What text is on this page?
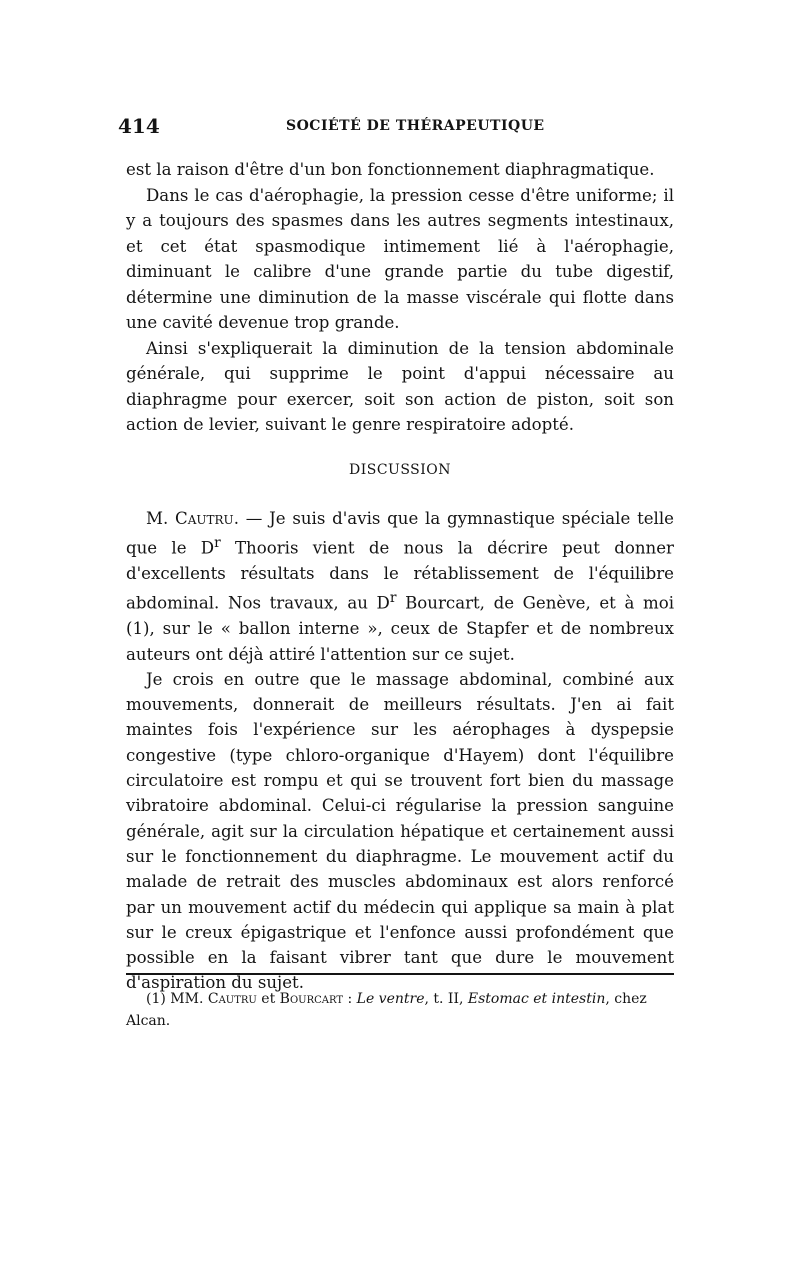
414	SOCIÉTÉ DE THÉRAPEUTIQUE

est la raison d'être d'un bon fonctionnement diaphragmatique.

Dans le cas d'aérophagie, la pression cesse d'être uniforme; il y a toujours des spasmes dans les autres segments intestinaux, et cet état spasmodique intimement lié à l'aérophagie, diminuant le calibre d'une grande partie du tube digestif, détermine une diminution de la masse viscérale qui flotte dans une cavité devenue trop grande.

Ainsi s'expliquerait la diminution de la tension abdominale générale, qui supprime le point d'appui nécessaire au diaphragme pour exercer, soit son action de piston, soit son action de levier, suivant le genre respiratoire adopté.

DISCUSSION

M. Cautru. — Je suis d'avis que la gymnastique spéciale telle que le $D^r$ Thooris vient de nous la décrire peut donner d'excellents résultats dans le rétablissement de l'équilibre abdominal. Nos travaux, au $D^r$ Bourcart, de Genève, et à moi (1), sur le « ballon interne », ceux de Stapfer et de nombreux auteurs ont déjà attiré l'attention sur ce sujet.

Je crois en outre que le massage abdominal, combiné aux mouvements, donnerait de meilleurs résultats. J'en ai fait maintes fois l'expérience sur les aérophages à dyspepsie congestive (type chloro-organique d'Hayem) dont l'équilibre circulatoire est rompu et qui se trouvent fort bien du massage vibratoire abdominal. Celui-ci régularise la pression sanguine générale, agit sur la circulation hépatique et certainement aussi sur le fonctionnement du diaphragme. Le mouvement actif du malade de retrait des muscles abdominaux est alors renforcé par un mouvement actif du médecin qui applique sa main à plat sur le creux épigastrique et l'enfonce aussi profondément que possible en la faisant vibrer tant que dure le mouvement d'aspiration du sujet.

(1) MM. Cautru et Bourcart : Le ventre, t. II, Estomac et intestin, chez Alcan.
